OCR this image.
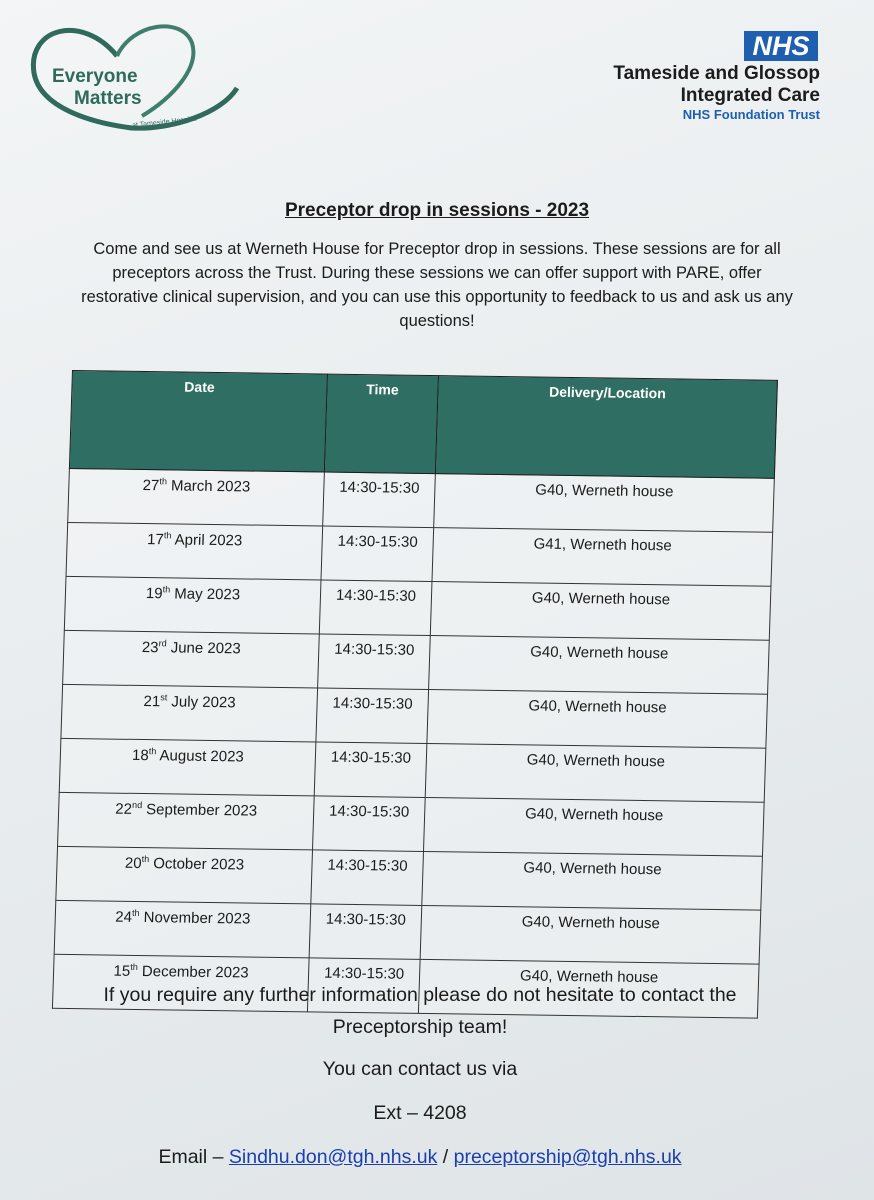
Everyone
Matters
at Tameside Hospital
NHS
Tameside and Glossop
Integrated Care
NHS Foundation Trust
Preceptor drop in sessions - 2023
Come and see us at Werneth House for Preceptor drop in sessions. These sessions are for all preceptors across the Trust. During these sessions we can offer support with PARE, offer restorative clinical supervision, and you can use this opportunity to feedback to us and ask us any questions!
Date	Time	Delivery/Location
27th March 2023	14:30-15:30	G40, Werneth house
17th April 2023	14:30-15:30	G41, Werneth house
19th May 2023	14:30-15:30	G40, Werneth house
23rd June 2023	14:30-15:30	G40, Werneth house
21st July 2023	14:30-15:30	G40, Werneth house
18th August 2023	14:30-15:30	G40, Werneth house
22nd September 2023	14:30-15:30	G40, Werneth house
20th October 2023	14:30-15:30	G40, Werneth house
24th November 2023	14:30-15:30	G40, Werneth house
15th December 2023	14:30-15:30	G40, Werneth house
If you require any further information please do not hesitate to contact the
Preceptorship team!
You can contact us via
Ext – 4208
Email – Sindhu.don@tgh.nhs.uk / preceptorship@tgh.nhs.uk
